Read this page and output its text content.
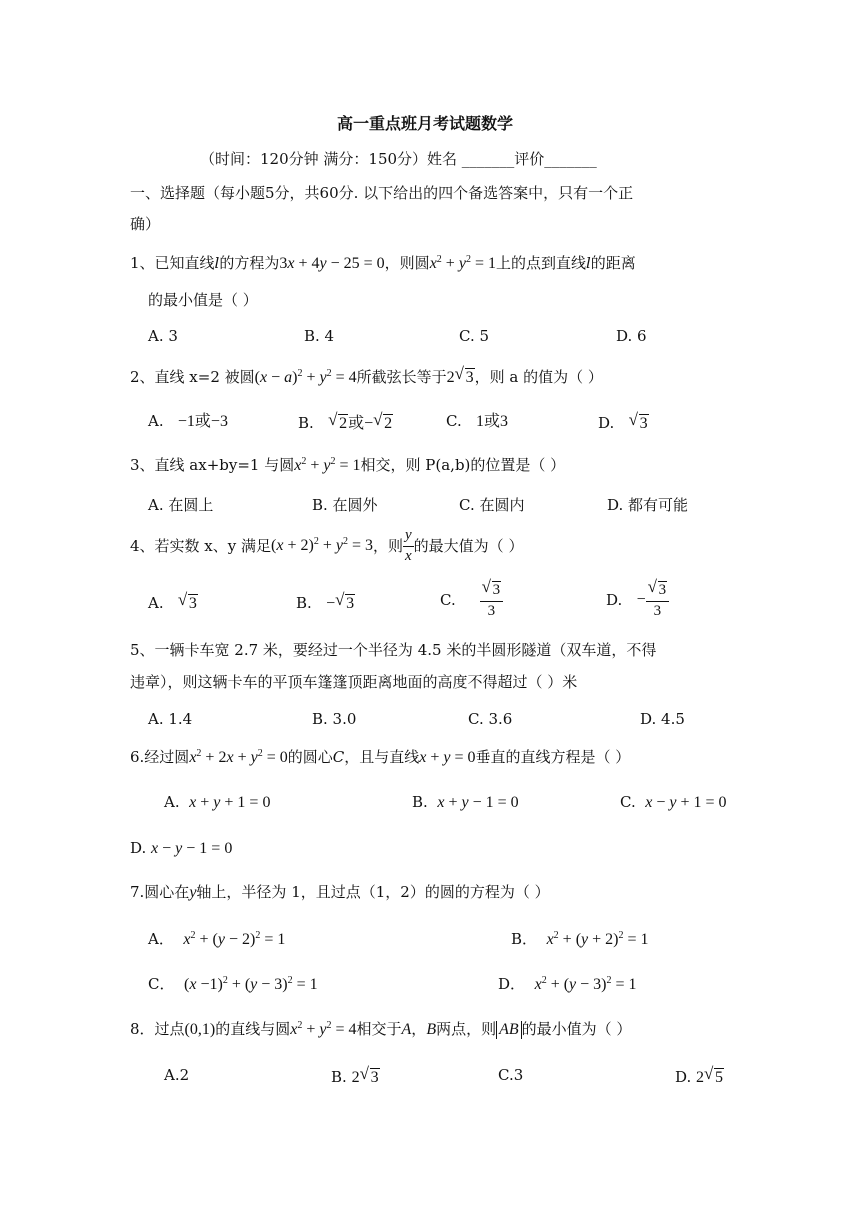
高一重点班月考试题数学
（时间：120分钟 满分：150分）姓名 _______评价_______
一、选择题（每小题5分，共60分. 以下给出的四个备选答案中，只有一个正
确）
1、已知直线l的方程为3x + 4y − 25 = 0，则圆$x^2 + y^2 = 1$上的点到直线l的距离
的最小值是（ ）
A. 3	B. 4	C. 5	D. 6
2、直线 x=2 被圆$(x - a)^2 + y^2 = 4$所截弦长等于2 √ 3，则 a 的值为（ ）
A.   −1或−3	B. √ 2或− √ 2	C.   1或3	D. √ 3
3、直线 ax+by=1 与圆$x^2 + y^2 = 1$相交，则 P(a,b)的位置是（ ）
A. 在圆上	B. 在圆外	C. 在圆内	D. 都有可能
4、若实数 x、y 满足 $(x + 2)^2 + y^2 = 3$ ，则 $\frac{y}{x}$ 的最大值为（ ）
A. √ 3	B.   − √ 3	C. $\frac{√ 3}{3}$	D. − $\frac{√ 3}{3}$
5、一辆卡车宽 2.7 米，要经过一个半径为 4.5 米的半圆形隧道（双车道，不得
违章），则这辆卡车的平顶车篷篷顶距离地面的高度不得超过（ ）米
A. 1.4	B. 3.0	C. 3.6	D. 4.5
6.经过圆$x^2 + 2x + y^2 = 0$的圆心C，且与直线x + y = 0垂直的直线方程是（ ）
A.  x + y + 1 = 0	B.  x + y − 1 = 0	C.  x − y + 1 = 0
D. x − y − 1 = 0
7.圆心在y轴上，半径为 1，且过点（1，2）的圆的方程为（ ）
A．  $x^2 + (y - 2)^2 = 1$	B．  $x^2 + (y + 2)^2 = 1$
C．  $(x -1)^2 + (y - 3)^2 = 1$	D．  $x^2 + (y - 3)^2 = 1$
8．过点(0,1)的直线与圆$x^2 + y^2 = 4$相交于A，B两点，则 AB 的最小值为（ ）
A.2	B. 2 √ 3	C.3	D. 2 √ 5
